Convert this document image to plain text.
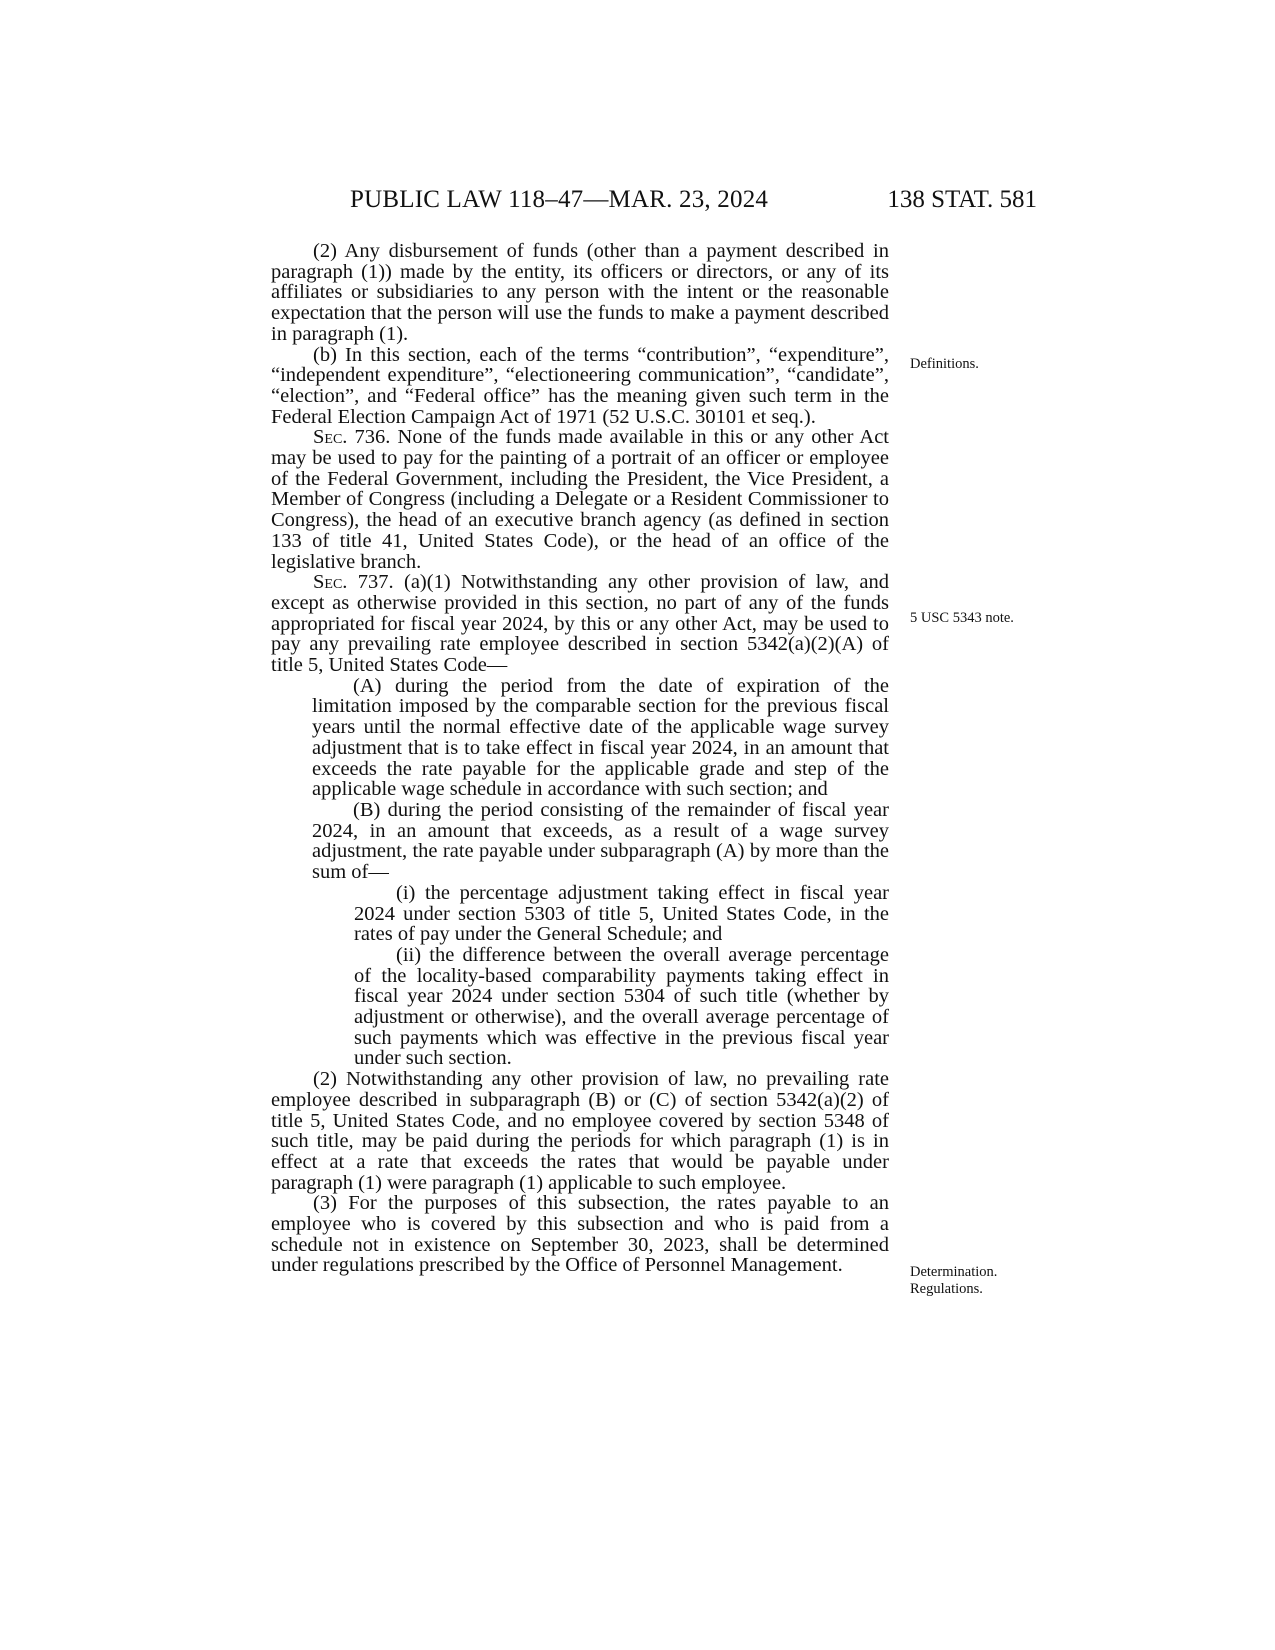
PUBLIC LAW 118–47—MAR. 23, 2024	138 STAT. 581

(2) Any disbursement of funds (other than a payment described in paragraph (1)) made by the entity, its officers or directors, or any of its affiliates or subsidiaries to any person with the intent or the reasonable expectation that the person will use the funds to make a payment described in paragraph (1).

(b) In this section, each of the terms “contribution”, “expenditure”, “independent expenditure”, “electioneering communication”, “candidate”, “election”, and “Federal office” has the meaning given such term in the Federal Election Campaign Act of 1971 (52 U.S.C. 30101 et seq.).

Sec. 736. None of the funds made available in this or any other Act may be used to pay for the painting of a portrait of an officer or employee of the Federal Government, including the President, the Vice President, a Member of Congress (including a Delegate or a Resident Commissioner to Congress), the head of an executive branch agency (as defined in section 133 of title 41, United States Code), or the head of an office of the legislative branch.

Sec. 737. (a)(1) Notwithstanding any other provision of law, and except as otherwise provided in this section, no part of any of the funds appropriated for fiscal year 2024, by this or any other Act, may be used to pay any prevailing rate employee described in section 5342(a)(2)(A) of title 5, United States Code—

(A) during the period from the date of expiration of the limitation imposed by the comparable section for the previous fiscal years until the normal effective date of the applicable wage survey adjustment that is to take effect in fiscal year 2024, in an amount that exceeds the rate payable for the applicable grade and step of the applicable wage schedule in accordance with such section; and

(B) during the period consisting of the remainder of fiscal year 2024, in an amount that exceeds, as a result of a wage survey adjustment, the rate payable under subparagraph (A) by more than the sum of—

(i) the percentage adjustment taking effect in fiscal year 2024 under section 5303 of title 5, United States Code, in the rates of pay under the General Schedule; and

(ii) the difference between the overall average percentage of the locality-based comparability payments taking effect in fiscal year 2024 under section 5304 of such title (whether by adjustment or otherwise), and the overall average percentage of such payments which was effective in the previous fiscal year under such section.

(2) Notwithstanding any other provision of law, no prevailing rate employee described in subparagraph (B) or (C) of section 5342(a)(2) of title 5, United States Code, and no employee covered by section 5348 of such title, may be paid during the periods for which paragraph (1) is in effect at a rate that exceeds the rates that would be payable under paragraph (1) were paragraph (1) applicable to such employee.

(3) For the purposes of this subsection, the rates payable to an employee who is covered by this subsection and who is paid from a schedule not in existence on September 30, 2023, shall be determined under regulations prescribed by the Office of Personnel Management.

Definitions.
5 USC 5343 note.
Determination.
Regulations.
